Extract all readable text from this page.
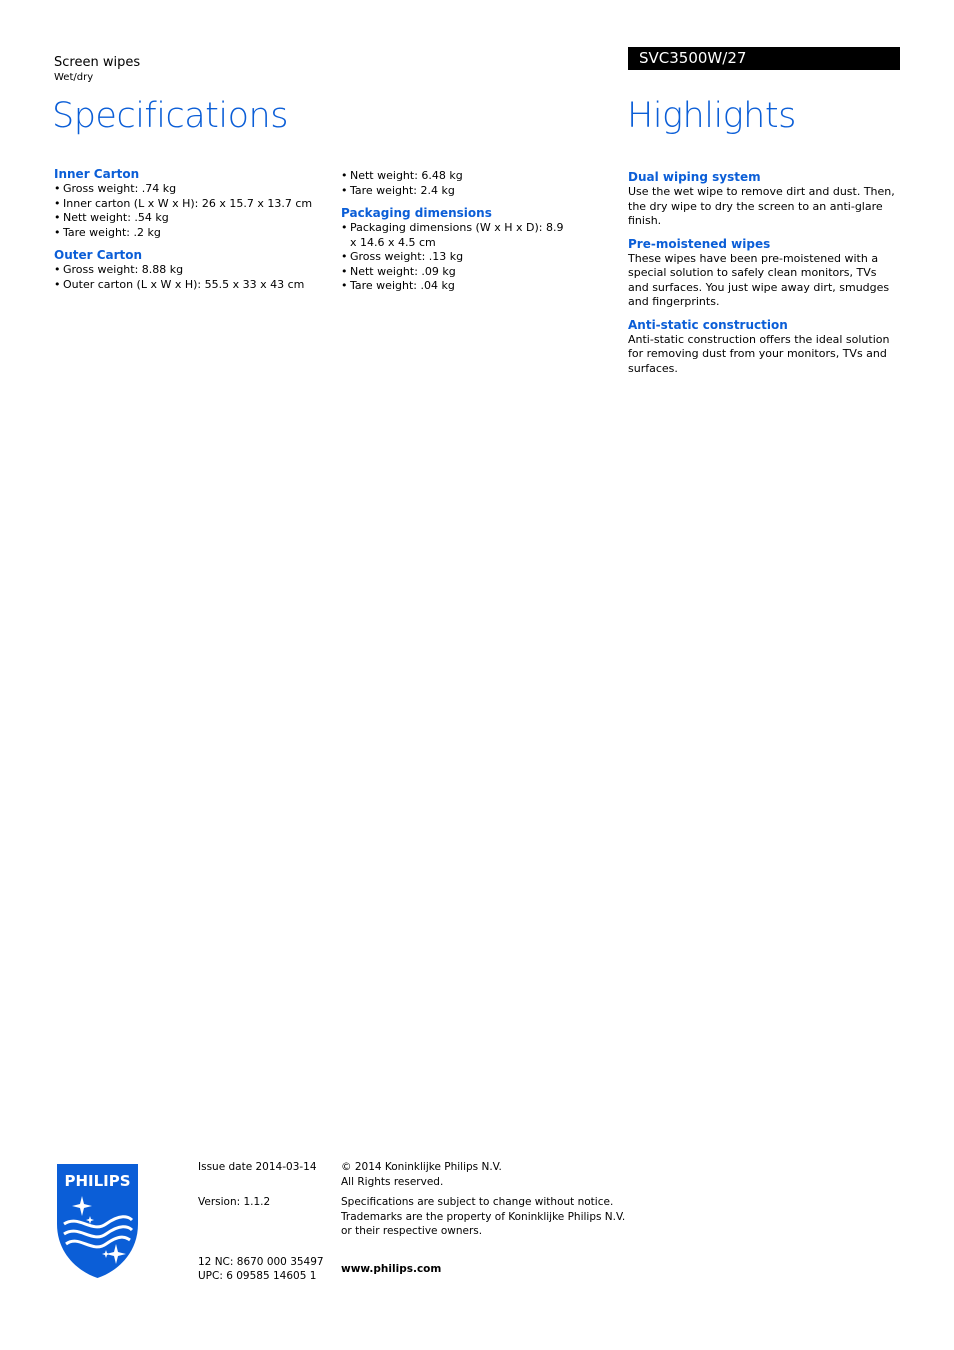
Screen wipes
Wet/dry
SVC3500W/27
Specifications	Highlights
Inner Carton
• Gross weight: .74 kg
• Inner carton (L x W x H): 26 x 15.7 x 13.7 cm
• Nett weight: .54 kg
• Tare weight: .2 kg
Outer Carton
• Gross weight: 8.88 kg
• Outer carton (L x W x H): 55.5 x 33 x 43 cm
• Nett weight: 6.48 kg
• Tare weight: 2.4 kg
Packaging dimensions
• Packaging dimensions (W x H x D): 8.9 x 14.6 x 4.5 cm
• Gross weight: .13 kg
• Nett weight: .09 kg
• Tare weight: .04 kg
Dual wiping system

Use the wet wipe to remove dirt and dust. Then, the dry wipe to dry the screen to an anti-glare finish.

Pre-moistened wipes

These wipes have been pre-moistened with a special solution to safely clean monitors, TVs and surfaces. You just wipe away dirt, smudges and fingerprints.

Anti-static construction

Anti-static construction offers the ideal solution for removing dust from your monitors, TVs and surfaces.

PHILIPS
Issue date 2014-03-14
Version: 1.1.2
12 NC: 8670 000 35497
UPC: 6 09585 14605 1
© 2014 Koninklijke Philips N.V.
All Rights reserved.
Specifications are subject to change without notice.
Trademarks are the property of Koninklijke Philips N.V.
or their respective owners.
www.philips.com
